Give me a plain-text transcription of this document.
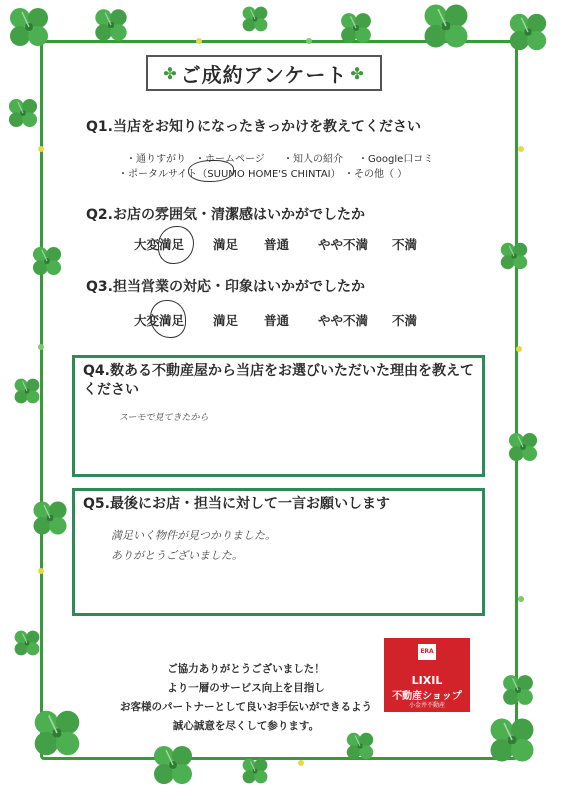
✤ ご成約アンケート ✤
Q1.当店をお知りになったきっかけを教えてください
・通りすがり ・ホームページ ・知人の紹介 ・Google口コミ
・ポータルサイト（SUUMO HOME'S CHINTAI） ・その他（ ）
Q2.お店の雰囲気・清潔感はいかがでしたか
大変満足 満足 普通 やや不満 不満
Q3.担当営業の対応・印象はいかがでしたか
大変満足 満足 普通 やや不満 不満
Q4.数ある不動産屋から当店をお選びいただいた理由を教えてください
スーモで見てきたから
Q5.最後にお店・担当に対して一言お願いします
満足いく物件が見つかりました。
ありがとうございました。
ご協力ありがとうございました！
より一層のサービス向上を目指し
お客様のパートナーとして良いお手伝いができるよう
誠心誠意を尽くして参ります。
ERA
LIXIL
不動産ショップ
小金井不動産
